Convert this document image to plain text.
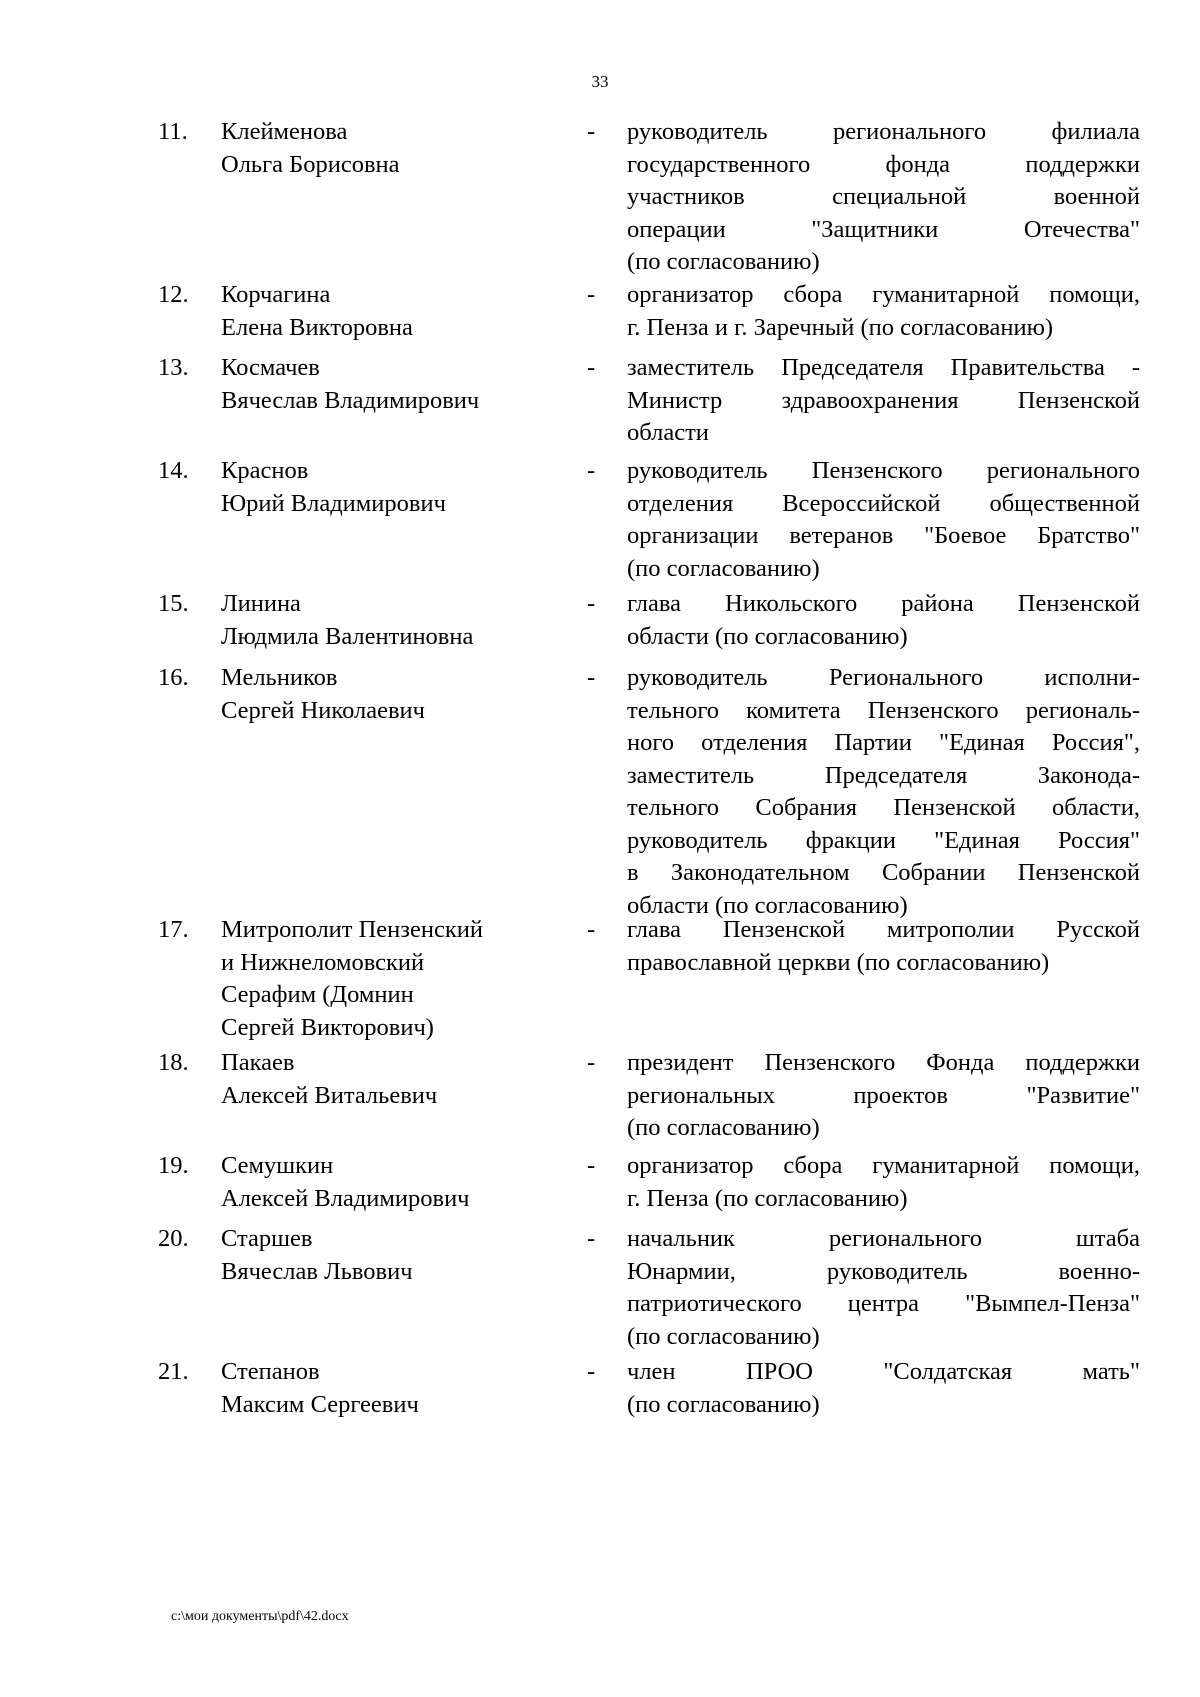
33
11. Клейменова
Ольга Борисовна
- руководитель регионального филиала
государственного фонда поддержки
участников специальной военной
операции "Защитники Отечества"
(по согласованию)
12. Корчагина
Елена Викторовна
- организатор сбора гуманитарной помощи,
г. Пенза и г. Заречный (по согласованию)
13. Космачев
Вячеслав Владимирович
- заместитель Председателя Правительства -
Министр здравоохранения Пензенской
области
14. Краснов
Юрий Владимирович
- руководитель Пензенского регионального
отделения Всероссийской общественной
организации ветеранов "Боевое Братство"
(по согласованию)
15. Линина
Людмила Валентиновна
- глава Никольского района Пензенской
области (по согласованию)
16. Мельников
Сергей Николаевич
- руководитель Регионального исполни-
тельного комитета Пензенского региональ-
ного отделения Партии "Единая Россия",
заместитель Председателя Законода-
тельного Собрания Пензенской области,
руководитель фракции "Единая Россия"
в Законодательном Собрании Пензенской
области (по согласованию)
17. Митрополит Пензенский
и Нижнеломовский
Серафим (Домнин
Сергей Викторович)
- глава Пензенской митрополии Русской
православной церкви (по согласованию)
18. Пакаев
Алексей Витальевич
- президент Пензенского Фонда поддержки
региональных проектов "Развитие"
(по согласованию)
19. Семушкин
Алексей Владимирович
- организатор сбора гуманитарной помощи,
г. Пенза (по согласованию)
20. Старшев
Вячеслав Львович
- начальник регионального штаба
Юнармии, руководитель военно-
патриотического центра "Вымпел-Пенза"
(по согласованию)
21. Степанов
Максим Сергеевич
- член ПРОО "Солдатская мать"
(по согласованию)
c:\мои документы\pdf\42.docx
